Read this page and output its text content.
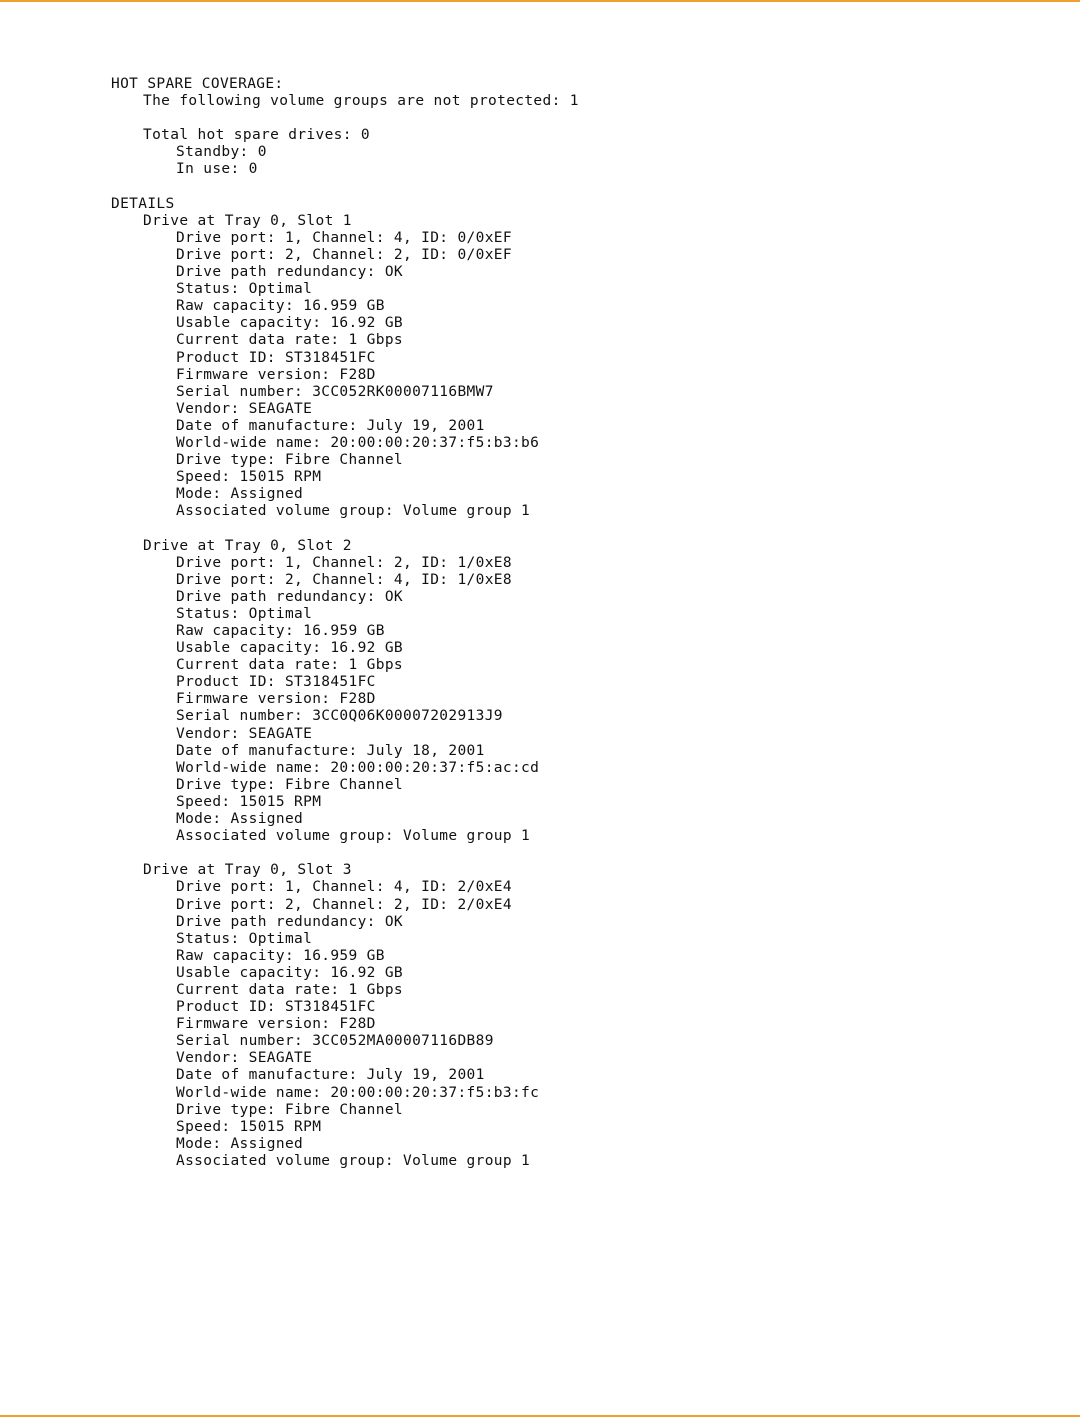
HOT SPARE COVERAGE:
The following volume groups are not protected: 1
Total hot spare drives: 0
Standby: 0
In use: 0
DETAILS
Drive at Tray 0, Slot 1
Drive port: 1, Channel: 4, ID: 0/0xEF
Drive port: 2, Channel: 2, ID: 0/0xEF
Drive path redundancy: OK
Status: Optimal
Raw capacity: 16.959 GB
Usable capacity: 16.92 GB
Current data rate: 1 Gbps
Product ID: ST318451FC
Firmware version: F28D
Serial number: 3CC052RK00007116BMW7
Vendor: SEAGATE
Date of manufacture: July 19, 2001
World-wide name: 20:00:00:20:37:f5:b3:b6
Drive type: Fibre Channel
Speed: 15015 RPM
Mode: Assigned
Associated volume group: Volume group 1
Drive at Tray 0, Slot 2
Drive port: 1, Channel: 2, ID: 1/0xE8
Drive port: 2, Channel: 4, ID: 1/0xE8
Drive path redundancy: OK
Status: Optimal
Raw capacity: 16.959 GB
Usable capacity: 16.92 GB
Current data rate: 1 Gbps
Product ID: ST318451FC
Firmware version: F28D
Serial number: 3CC0Q06K00007202913J9
Vendor: SEAGATE
Date of manufacture: July 18, 2001
World-wide name: 20:00:00:20:37:f5:ac:cd
Drive type: Fibre Channel
Speed: 15015 RPM
Mode: Assigned
Associated volume group: Volume group 1
Drive at Tray 0, Slot 3
Drive port: 1, Channel: 4, ID: 2/0xE4
Drive port: 2, Channel: 2, ID: 2/0xE4
Drive path redundancy: OK
Status: Optimal
Raw capacity: 16.959 GB
Usable capacity: 16.92 GB
Current data rate: 1 Gbps
Product ID: ST318451FC
Firmware version: F28D
Serial number: 3CC052MA00007116DB89
Vendor: SEAGATE
Date of manufacture: July 19, 2001
World-wide name: 20:00:00:20:37:f5:b3:fc
Drive type: Fibre Channel
Speed: 15015 RPM
Mode: Assigned
Associated volume group: Volume group 1
